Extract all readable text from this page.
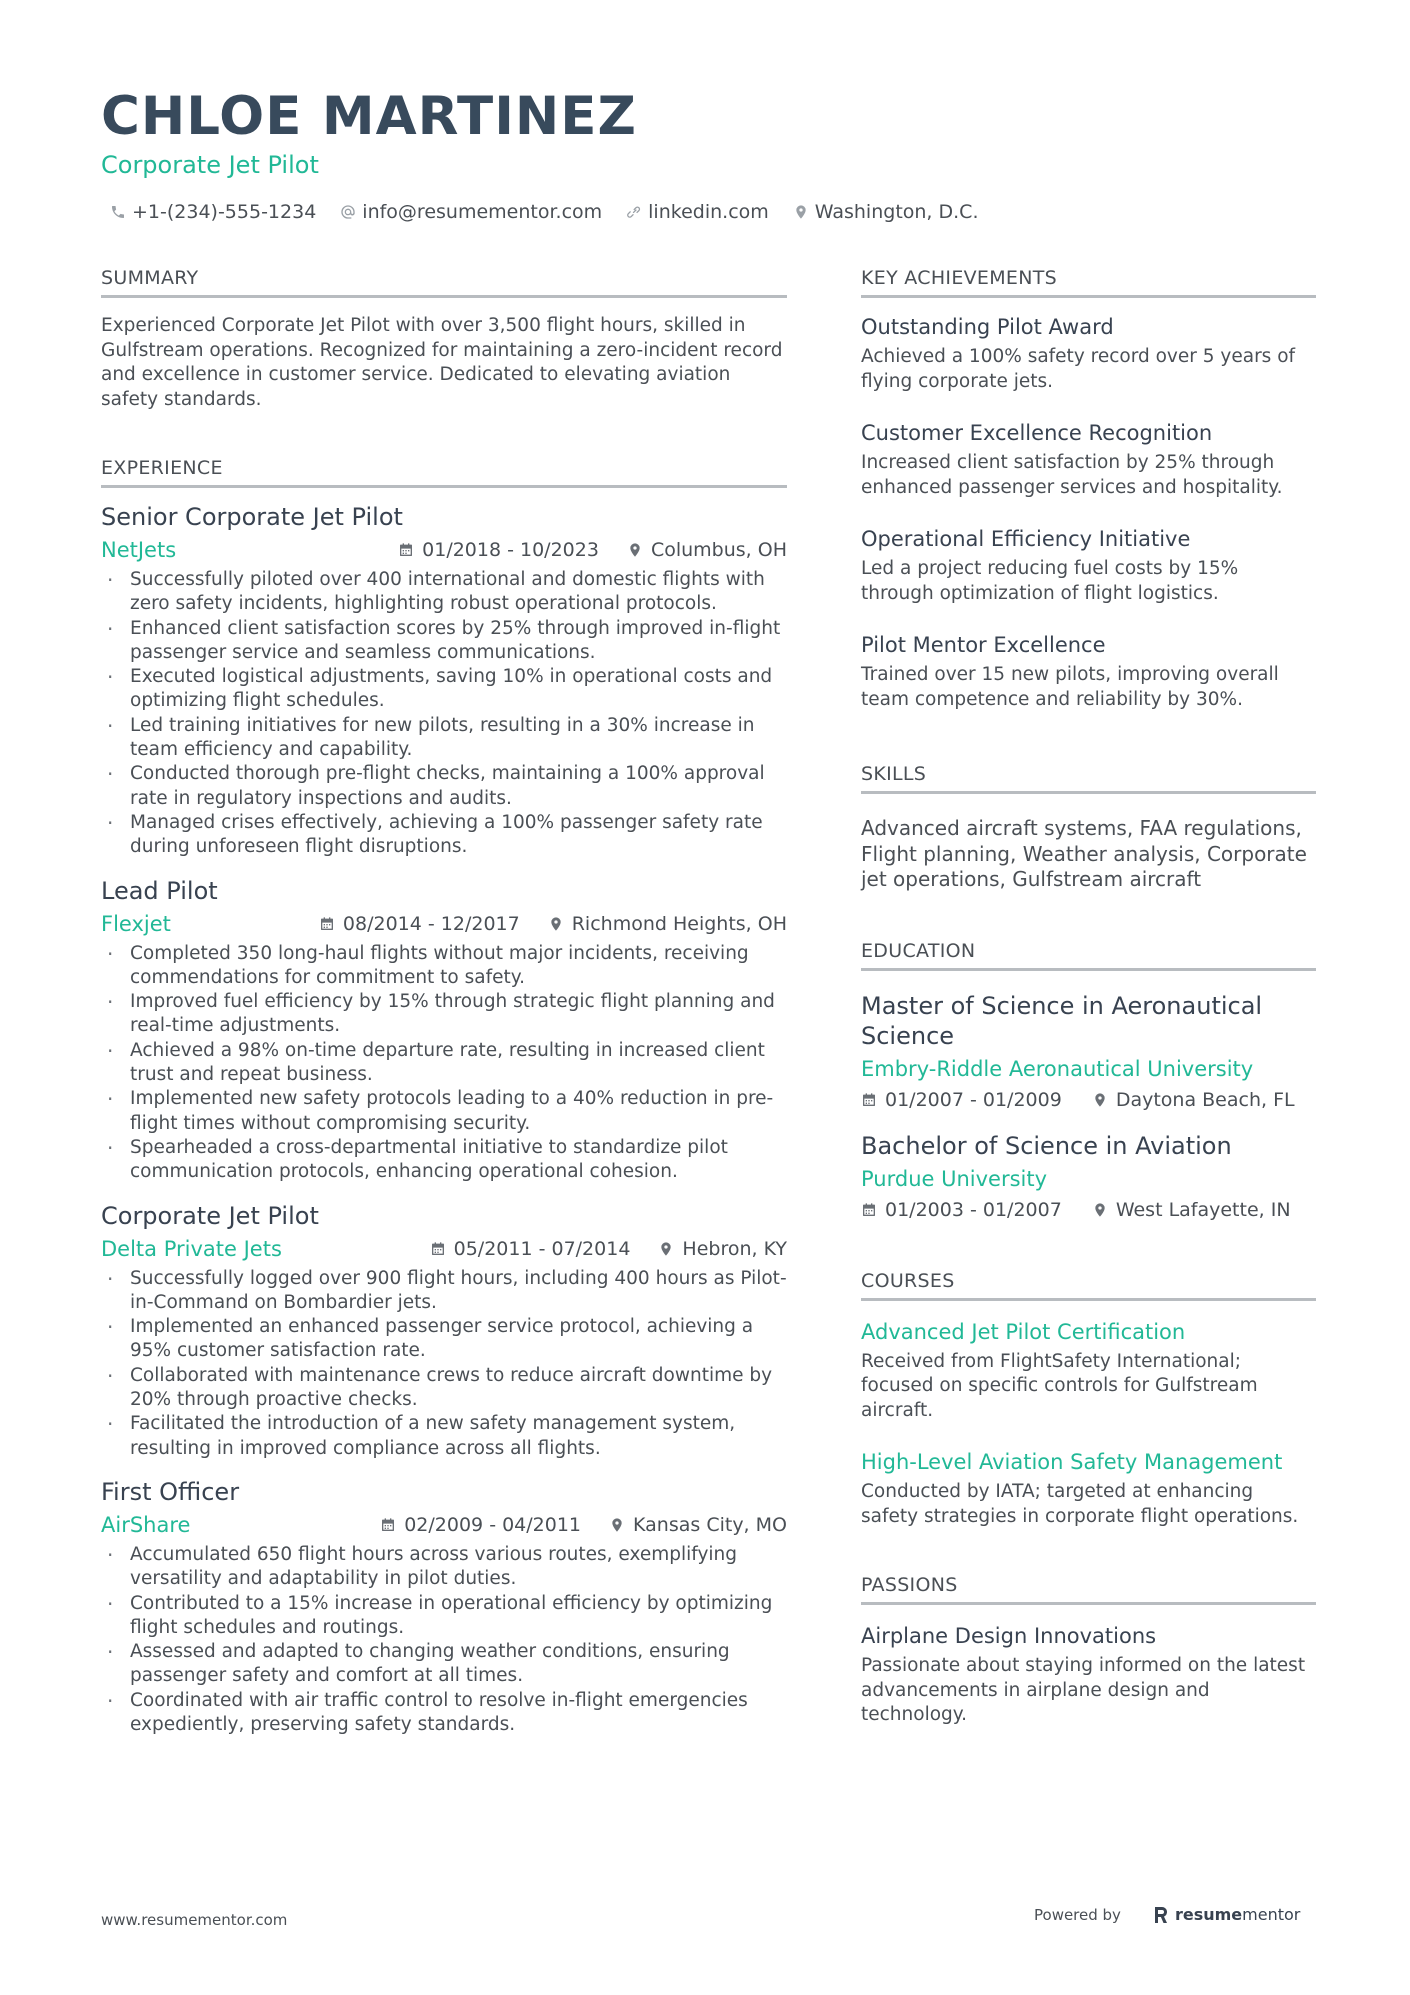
CHLOE MARTINEZ
Corporate Jet Pilot
+1-(234)-555-1234 info@resumementor.com linkedin.com Washington, D.C.
SUMMARY

Experienced Corporate Jet Pilot with over 3,500 flight hours, skilled in Gulfstream operations. Recognized for maintaining a zero-incident record and excellence in customer service. Dedicated to elevating aviation safety standards.

EXPERIENCE
Senior Corporate Jet Pilot
NetJets	01/2018 - 10/2023	Columbus, OH
· Successfully piloted over 400 international and domestic flights with zero safety incidents, highlighting robust operational protocols.
· Enhanced client satisfaction scores by 25% through improved in-flight passenger service and seamless communications.
· Executed logistical adjustments, saving 10% in operational costs and optimizing flight schedules.
· Led training initiatives for new pilots, resulting in a 30% increase in team efficiency and capability.
· Conducted thorough pre-flight checks, maintaining a 100% approval rate in regulatory inspections and audits.
· Managed crises effectively, achieving a 100% passenger safety rate during unforeseen flight disruptions.
Lead Pilot
Flexjet	08/2014 - 12/2017	Richmond Heights, OH
· Completed 350 long-haul flights without major incidents, receiving commendations for commitment to safety.
· Improved fuel efficiency by 15% through strategic flight planning and real-time adjustments.
· Achieved a 98% on-time departure rate, resulting in increased client trust and repeat business.
· Implemented new safety protocols leading to a 40% reduction in pre-flight times without compromising security.
· Spearheaded a cross-departmental initiative to standardize pilot communication protocols, enhancing operational cohesion.
Corporate Jet Pilot
Delta Private Jets	05/2011 - 07/2014	Hebron, KY
· Successfully logged over 900 flight hours, including 400 hours as Pilot-in-Command on Bombardier jets.
· Implemented an enhanced passenger service protocol, achieving a 95% customer satisfaction rate.
· Collaborated with maintenance crews to reduce aircraft downtime by 20% through proactive checks.
· Facilitated the introduction of a new safety management system, resulting in improved compliance across all flights.
First Officer
AirShare	02/2009 - 04/2011	Kansas City, MO
· Accumulated 650 flight hours across various routes, exemplifying versatility and adaptability in pilot duties.
· Contributed to a 15% increase in operational efficiency by optimizing flight schedules and routings.
· Assessed and adapted to changing weather conditions, ensuring passenger safety and comfort at all times.
· Coordinated with air traffic control to resolve in-flight emergencies expediently, preserving safety standards.
KEY ACHIEVEMENTS
Outstanding Pilot Award

Achieved a 100% safety record over 5 years of flying corporate jets.

Customer Excellence Recognition

Increased client satisfaction by 25% through enhanced passenger services and hospitality.

Operational Efficiency Initiative

Led a project reducing fuel costs by 15% through optimization of flight logistics.

Pilot Mentor Excellence

Trained over 15 new pilots, improving overall team competence and reliability by 30%.

SKILLS

Advanced aircraft systems, FAA regulations, Flight planning, Weather analysis, Corporate jet operations, Gulfstream aircraft

EDUCATION
Master of Science in Aeronautical Science
Embry-Riddle Aeronautical University
01/2007 - 01/2009	Daytona Beach, FL
Bachelor of Science in Aviation
Purdue University
01/2003 - 01/2007	West Lafayette, IN
COURSES
Advanced Jet Pilot Certification

Received from FlightSafety International; focused on specific controls for Gulfstream aircraft.

High-Level Aviation Safety Management

Conducted by IATA; targeted at enhancing safety strategies in corporate flight operations.

PASSIONS
Airplane Design Innovations

Passionate about staying informed on the latest advancements in airplane design and technology.

www.resumementor.com	Powered by	resumementor
